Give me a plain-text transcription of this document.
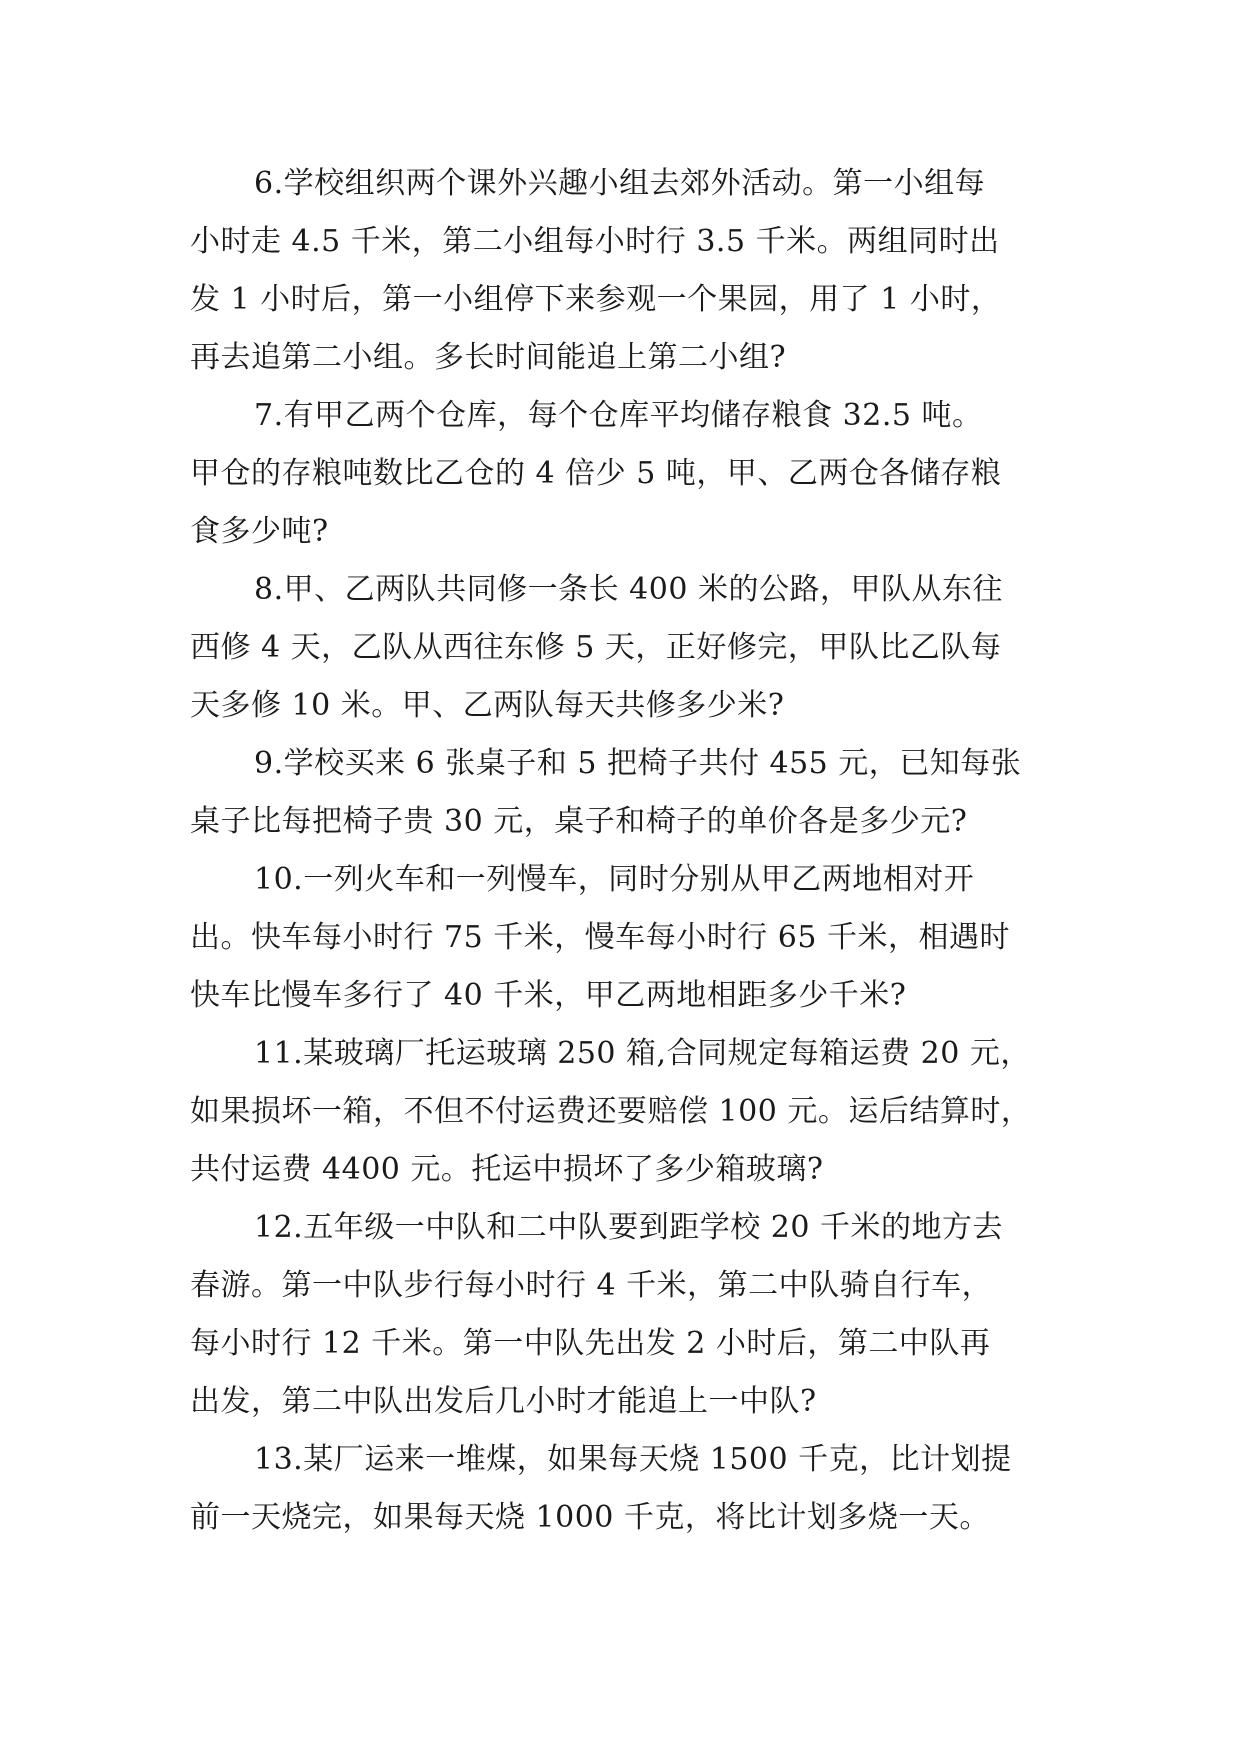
6.学校组织两个课外兴趣小组去郊外活动。第一小组每
小时走 4.5 千米，第二小组每小时行 3.5 千米。两组同时出
发 1 小时后，第一小组停下来参观一个果园，用了 1 小时，
再去追第二小组。多长时间能追上第二小组?
7.有甲乙两个仓库，每个仓库平均储存粮食 32.5 吨。
甲仓的存粮吨数比乙仓的 4 倍少 5 吨，甲、乙两仓各储存粮
食多少吨?
8.甲、乙两队共同修一条长 400 米的公路，甲队从东往
西修 4 天，乙队从西往东修 5 天，正好修完，甲队比乙队每
天多修 10 米。甲、乙两队每天共修多少米?
9.学校买来 6 张桌子和 5 把椅子共付 455 元，已知每张
桌子比每把椅子贵 30 元，桌子和椅子的单价各是多少元?
10.一列火车和一列慢车，同时分别从甲乙两地相对开
出。快车每小时行 75 千米，慢车每小时行 65 千米，相遇时
快车比慢车多行了 40 千米，甲乙两地相距多少千米?
11.某玻璃厂托运玻璃 250 箱,合同规定每箱运费 20 元，
如果损坏一箱，不但不付运费还要赔偿 100 元。运后结算时，
共付运费 4400 元。托运中损坏了多少箱玻璃?
12.五年级一中队和二中队要到距学校 20 千米的地方去
春游。第一中队步行每小时行 4 千米，第二中队骑自行车，
每小时行 12 千米。第一中队先出发 2 小时后，第二中队再
出发，第二中队出发后几小时才能追上一中队?
13.某厂运来一堆煤，如果每天烧 1500 千克，比计划提
前一天烧完，如果每天烧 1000 千克，将比计划多烧一天。
